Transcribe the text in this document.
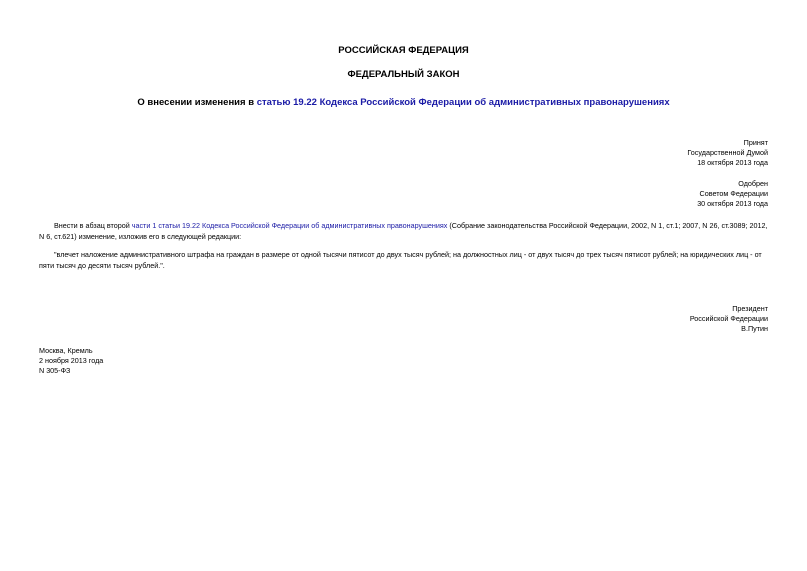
РОССИЙСКАЯ ФЕДЕРАЦИЯ
ФЕДЕРАЛЬНЫЙ ЗАКОН
О внесении изменения в статью 19.22 Кодекса Российской Федерации об административных правонарушениях
Принят
Государственной Думой
18 октября 2013 года
Одобрен
Советом Федерации
30 октября 2013 года
Внести в абзац второй части 1 статьи 19.22 Кодекса Российской Федерации об административных правонарушениях (Собрание законодательства Российской Федерации, 2002, N 1, ст.1; 2007, N 26, ст.3089; 2012, N 6, ст.621) изменение, изложив его в следующей редакции:
"влечет наложение административного штрафа на граждан в размере от одной тысячи пятисот до двух тысяч рублей; на должностных лиц - от двух тысяч до трех тысяч пятисот рублей; на юридических лиц - от пяти тысяч до десяти тысяч рублей.".
Президент
Российской Федерации
В.Путин
Москва, Кремль
2 ноября 2013 года
N 305-ФЗ
